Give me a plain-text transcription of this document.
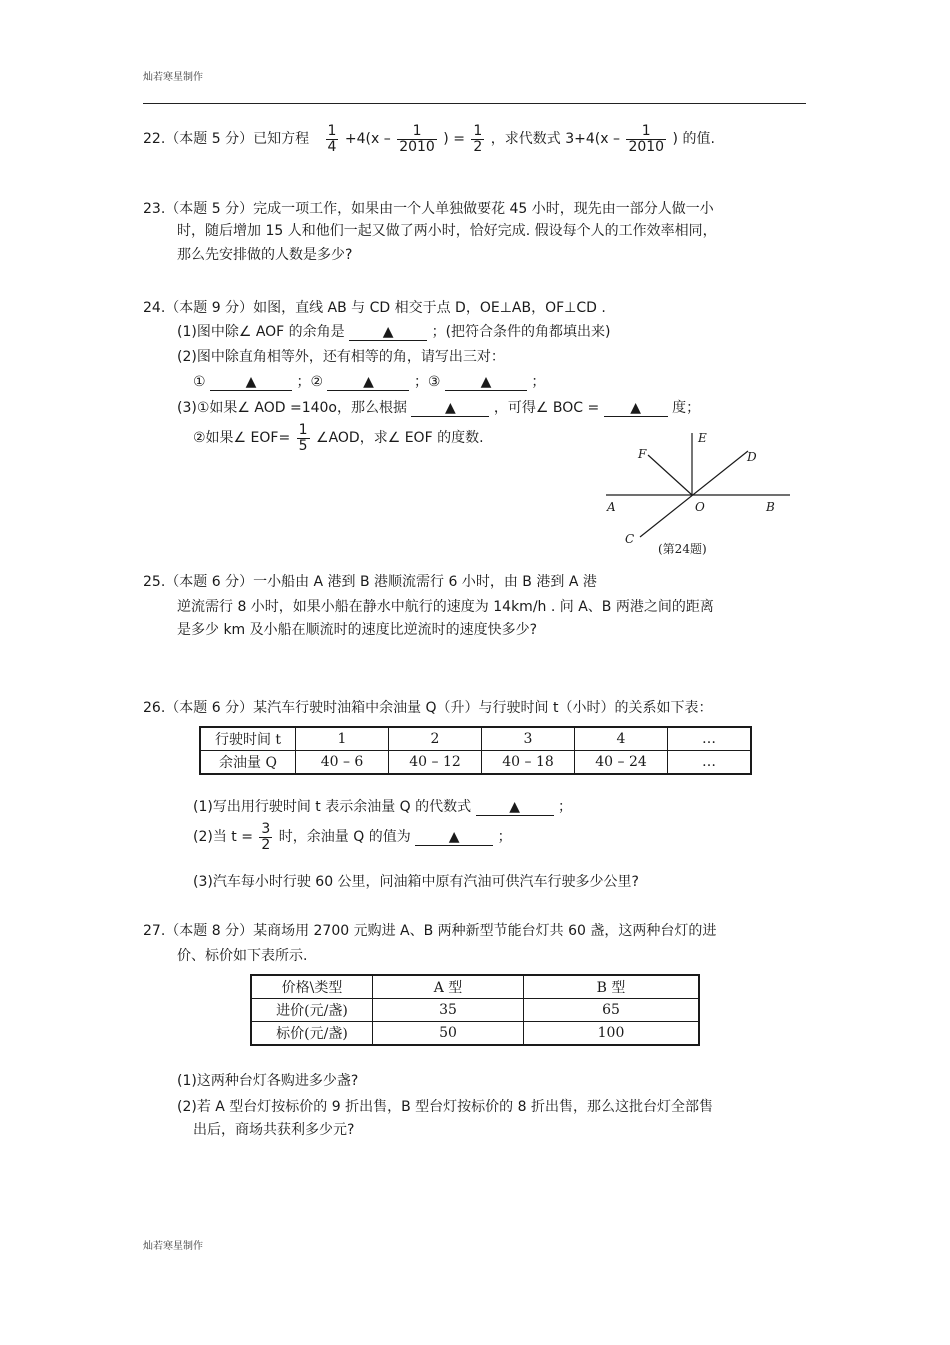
灿若寒星制作
22.（本题 5 分）已知方程 $\frac{1}{4} +4(x - \frac{1}{2010}$ ) = $\frac{1}{2}$ ，求代数式 $3+4(x - \frac{1}{2010}$ ) 的值.
23.（本题 5 分）完成一项工作，如果由一个人单独做要花 45 小时，现先由一部分人做一小
时，随后增加 15 人和他们一起又做了两小时，恰好完成. 假设每个人的工作效率相同，
那么先安排做的人数是多少?
24.（本题 9 分）如图，直线 AB 与 CD 相交于点 D，OE⊥AB，OF⊥CD .
(1)图中除∠ AOF 的余角是	▲	；(把符合条件的角都填出来)
(2)图中除直角相等外，还有相等的角，请写出三对：
①	▲	；②	▲	；③	▲	；
(3)①如果∠ AOD =140o，那么根据	▲	，可得∠ BOC = ▲ 度；
②如果∠ $EOF= \frac{1}{5}$ ∠AOD，求∠ EOF 的度数.
A	O	B
C
D
E
F
(第24题)
25.（本题 6 分）一小船由 A 港到 B 港顺流需行 6 小时，由 B 港到 A 港
逆流需行 8 小时，如果小船在静水中航行的速度为 14km/h . 问 A、B 两港之间的距离
是多少 km 及小船在顺流时的速度比逆流时的速度快多少?
26.（本题 6 分）某汽车行驶时油箱中余油量 Q（升）与行驶时间 t（小时）的关系如下表：
行驶时间 t	1	2	3	4	…
余油量 Q	40 – 6	40 – 12	40 – 18	40 – 24	…
(1)写出用行驶时间 t 表示余油量 Q 的代数式	▲	；
(2)当 $t = \frac{3}{2}$ 时，余油量 Q 的值为	▲	；
(3)汽车每小时行驶 60 公里，问油箱中原有汽油可供汽车行驶多少公里?
27.（本题 8 分）某商场用 2700 元购进 A、B 两种新型节能台灯共 60 盏，这两种台灯的进
价、标价如下表所示.
价格\类型	A 型	B 型
进价(元/盏)	35	65
标价(元/盏)	50	100
(1)这两种台灯各购进多少盏?
(2)若 A 型台灯按标价的 9 折出售，B 型台灯按标价的 8 折出售，那么这批台灯全部售
出后，商场共获利多少元?
灿若寒星制作
